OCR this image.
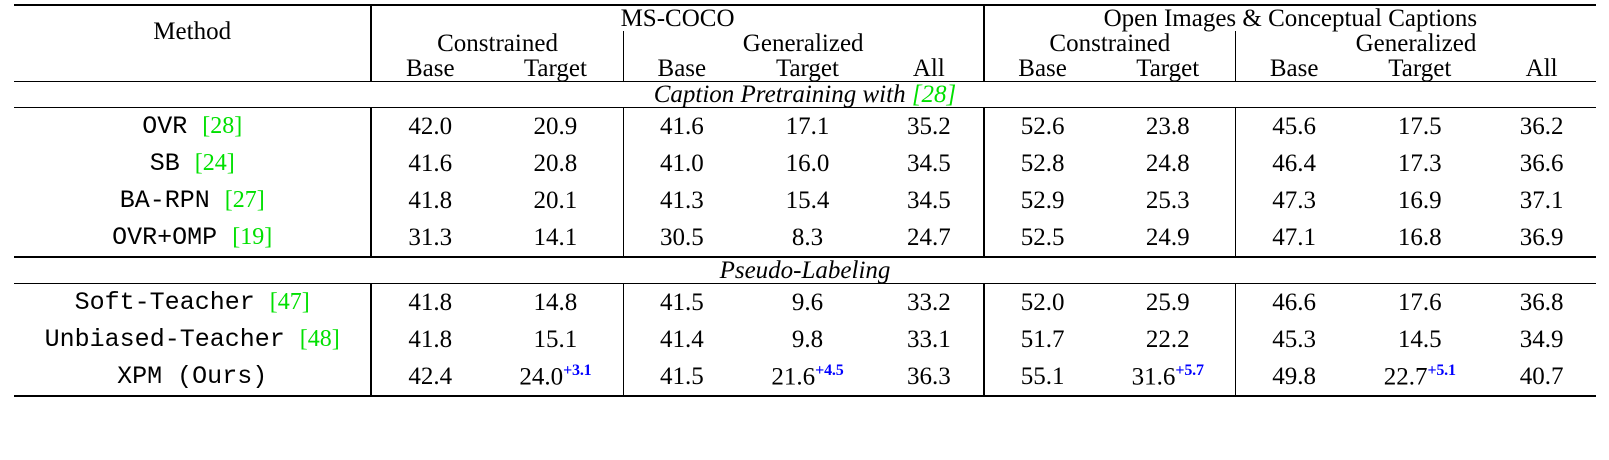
Method	MS-COCO					Open Images & Conceptual Captions				
	Constrained		Generalized			Constrained		Generalized		
	Base	Target	Base	Target	All	Base	Target	Base	Target	All
Caption Pretraining with [28]										
OVR [28]	42.0	20.9	41.6	17.1	35.2	52.6	23.8	45.6	17.5	36.2
SB [24]	41.6	20.8	41.0	16.0	34.5	52.8	24.8	46.4	17.3	36.6
BA-RPN [27]	41.8	20.1	41.3	15.4	34.5	52.9	25.3	47.3	16.9	37.1
OVR+OMP [19]	31.3	14.1	30.5	8.3	24.7	52.5	24.9	47.1	16.8	36.9
Pseudo-Labeling										
Soft-Teacher [47]	41.8	14.8	41.5	9.6	33.2	52.0	25.9	46.6	17.6	36.8
Unbiased-Teacher [48]	41.8	15.1	41.4	9.8	33.1	51.7	22.2	45.3	14.5	34.9
XPM (Ours)	42.4	$24.0^{+3.1}$	41.5	$21.6^{+4.5}$	36.3	55.1	$31.6^{+5.7}$	49.8	$22.7^{+5.1}$	40.7
